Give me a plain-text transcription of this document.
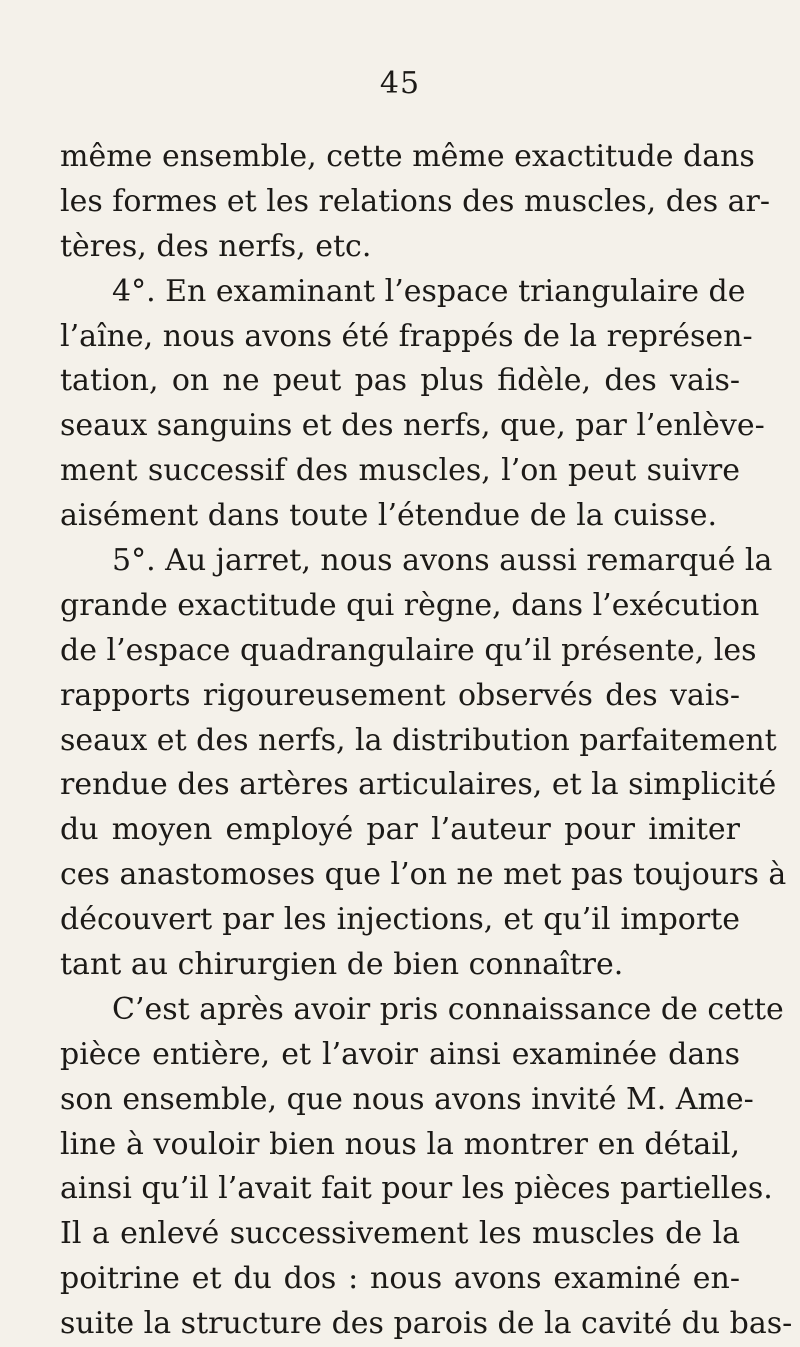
45
même ensemble, cette même exactitude dans
les formes et les relations des muscles, des ar-
tères, des nerfs, etc.
4°. En examinant l’espace triangulaire de
l’aîne, nous avons été frappés de la représen-
tation, on ne peut pas plus fidèle, des vais-
seaux sanguins et des nerfs, que, par l’enlève-
ment successif des muscles, l’on peut suivre
aisément dans toute l’étendue de la cuisse.
5°. Au jarret, nous avons aussi remarqué la
grande exactitude qui règne, dans l’exécution
de l’espace quadrangulaire qu’il présente, les
rapports rigoureusement observés des vais-
seaux et des nerfs, la distribution parfaitement
rendue des artères articulaires, et la simplicité
du moyen employé par l’auteur pour imiter
ces anastomoses que l’on ne met pas toujours à
découvert par les injections, et qu’il importe
tant au chirurgien de bien connaître.
C’est après avoir pris connaissance de cette
pièce entière, et l’avoir ainsi examinée dans
son ensemble, que nous avons invité M. Ame-
line à vouloir bien nous la montrer en détail,
ainsi qu’il l’avait fait pour les pièces partielles.
Il a enlevé successivement les muscles de la
poitrine et du dos : nous avons examiné en-
suite la structure des parois de la cavité du bas-
